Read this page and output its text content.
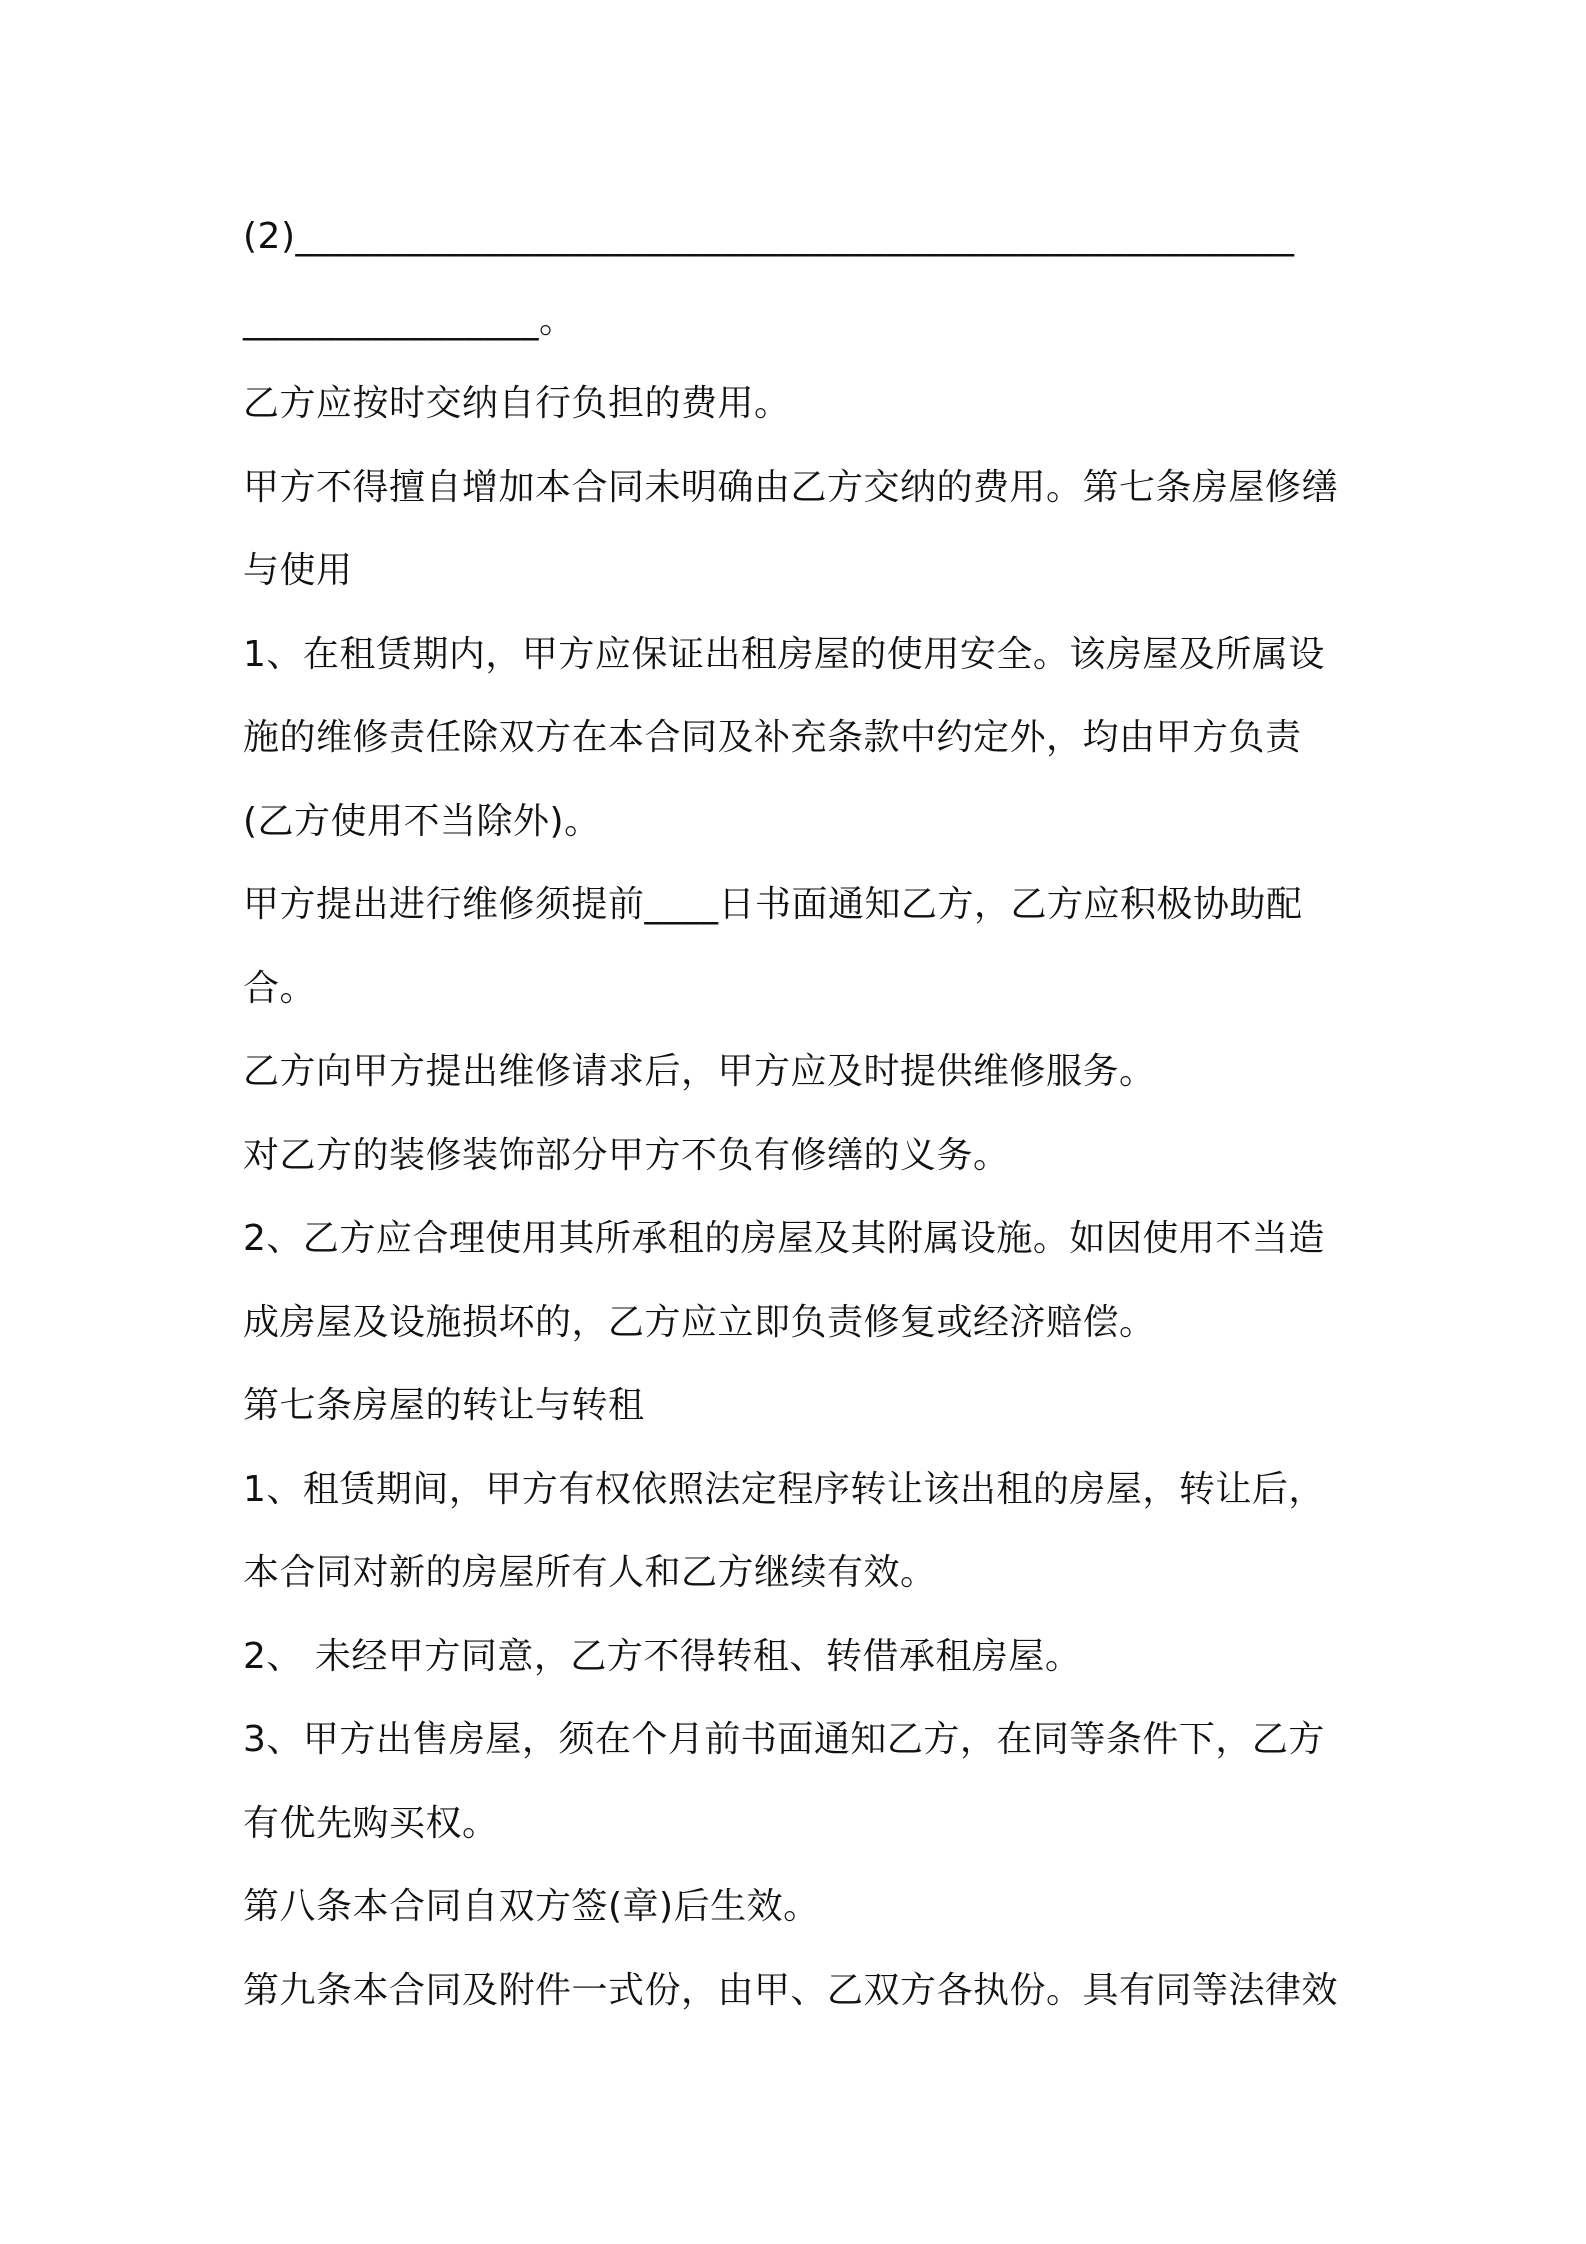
(2)______________________________________________________
________________。
乙方应按时交纳自行负担的费用。
甲方不得擅自增加本合同未明确由乙方交纳的费用。第七条房屋修缮
与使用
1、在租赁期内，甲方应保证出租房屋的使用安全。该房屋及所属设
施的维修责任除双方在本合同及补充条款中约定外，均由甲方负责
(乙方使用不当除外)。
甲方提出进行维修须提前____日书面通知乙方，乙方应积极协助配
合。
乙方向甲方提出维修请求后，甲方应及时提供维修服务。
对乙方的装修装饰部分甲方不负有修缮的义务。
2、乙方应合理使用其所承租的房屋及其附属设施。如因使用不当造
成房屋及设施损坏的，乙方应立即负责修复或经济赔偿。
第七条房屋的转让与转租
1、租赁期间，甲方有权依照法定程序转让该出租的房屋，转让后，
本合同对新的房屋所有人和乙方继续有效。
2、 未经甲方同意，乙方不得转租、转借承租房屋。
3、甲方出售房屋，须在个月前书面通知乙方，在同等条件下，乙方
有优先购买权。
第八条本合同自双方签(章)后生效。
第九条本合同及附件一式份，由甲、乙双方各执份。具有同等法律效
